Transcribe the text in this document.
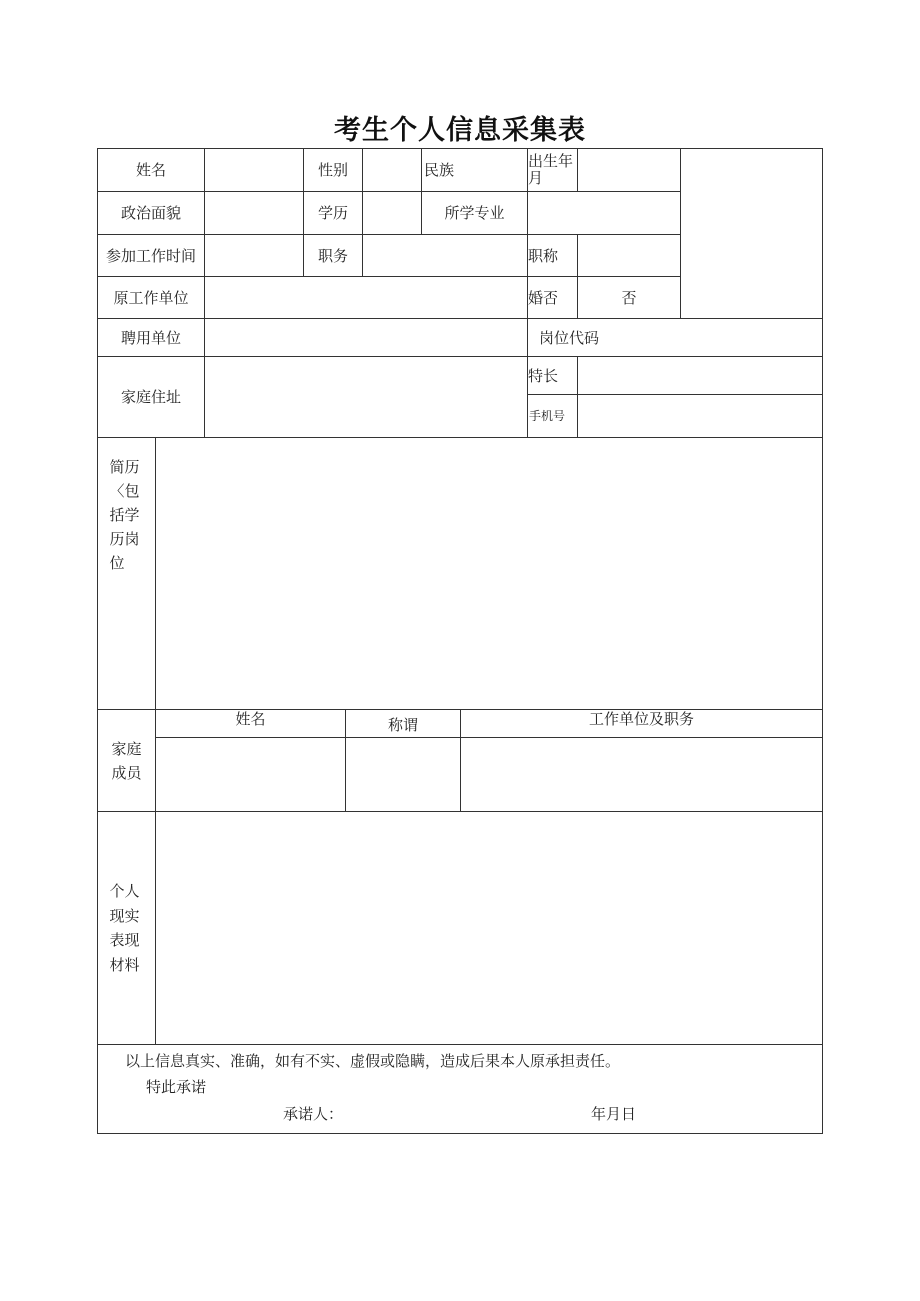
考生个人信息采集表
姓名	性别	民族	出生年月
政治面貌	学历	所学专业
参加工作时间	职务	职称
原工作单位	婚否	否
聘用单位	岗位代码
家庭住址
特长
手机号
简历〈包括学历岗位
家庭成员
姓名	称谓	工作单位及职务
个人现实表现材料
以上信息真实、准确，如有不实、虚假或隐瞒，造成后果本人原承担责任。
特此承诺
承诺人：	年月日
